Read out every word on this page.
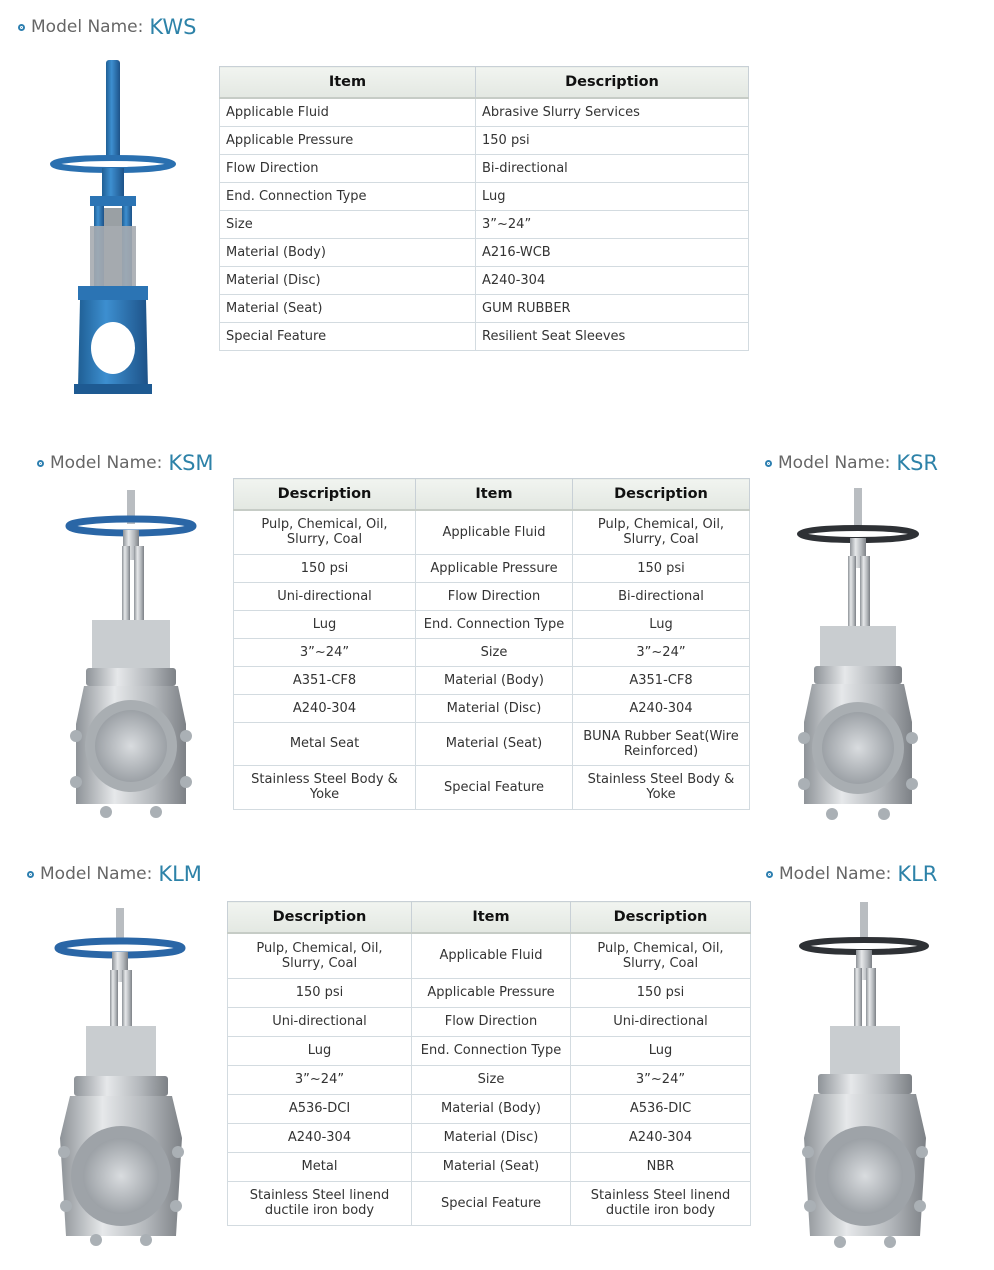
Model Name: KWS
Item	Description
Applicable Fluid	Abrasive Slurry Services
Applicable Pressure	150 psi
Flow Direction	Bi-directional
End. Connection Type	Lug
Size	3”~24”
Material (Body)	A216-WCB
Material (Disc)	A240-304
Material (Seat)	GUM RUBBER
Special Feature	Resilient Seat Sleeves
Model Name: KSM	Model Name: KSR
Description	Item	Description
Pulp, Chemical, Oil, Slurry, Coal	Applicable Fluid	Pulp, Chemical, Oil, Slurry, Coal
150 psi	Applicable Pressure	150 psi
Uni-directional	Flow Direction	Bi-directional
Lug	End. Connection Type	Lug
3”~24”	Size	3”~24”
A351-CF8	Material (Body)	A351-CF8
A240-304	Material (Disc)	A240-304
Metal Seat	Material (Seat)	BUNA Rubber Seat(Wire Reinforced)
Stainless Steel Body & Yoke	Special Feature	Stainless Steel Body & Yoke
Model Name: KLM	Model Name: KLR
Description	Item	Description
Pulp, Chemical, Oil, Slurry, Coal	Applicable Fluid	Pulp, Chemical, Oil, Slurry, Coal
150 psi	Applicable Pressure	150 psi
Uni-directional	Flow Direction	Uni-directional
Lug	End. Connection Type	Lug
3”~24”	Size	3”~24”
A536-DCI	Material (Body)	A536-DIC
A240-304	Material (Disc)	A240-304
Metal	Material (Seat)	NBR
Stainless Steel linend ductile iron body	Special Feature	Stainless Steel linend ductile iron body
